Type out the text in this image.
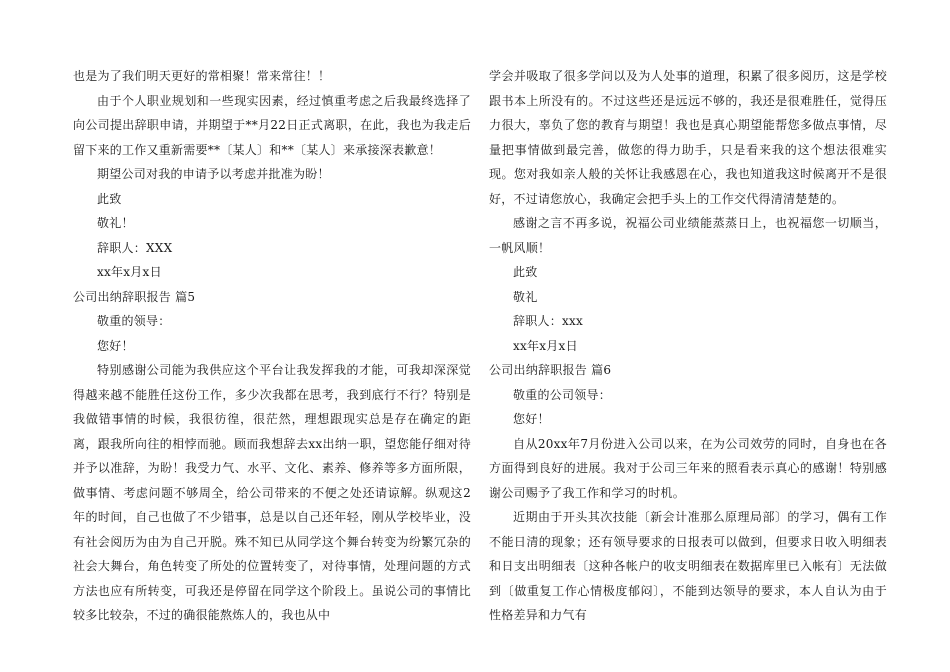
也是为了我们明天更好的常相聚！常来常往！！

由于个人职业规划和一些现实因素，经过慎重考虑之后我最终选择了向公司提出辞职申请，并期望于**月22日正式离职，在此，我也为我走后留下来的工作又重新需要**〔某人〕和**〔某人〕来承接深表歉意！

期望公司对我的申请予以考虑并批准为盼！

此致

敬礼！

辞职人：XXX

xx年x月x日

公司出纳辞职报告 篇5

敬重的领导：

您好！

特别感谢公司能为我供应这个平台让我发挥我的才能，可我却深深觉得越来越不能胜任这份工作，多少次我都在思考，我到底行不行？特别是我做错事情的时候，我很彷徨，很茫然，理想跟现实总是存在确定的距离，跟我所向往的相悖而驰。顾而我想辞去xx出纳一职，望您能仔细对待并予以准辞，为盼！我受力气、水平、文化、素养、修养等多方面所限，做事情、考虑问题不够周全，给公司带来的不便之处还请谅解。纵观这2年的时间，自己也做了不少错事，总是以自己还年轻，刚从学校毕业，没有社会阅历为由为自己开脱。殊不知已从同学这个舞台转变为纷繁冗杂的社会大舞台，角色转变了所处的位置转变了，对待事情，处理问题的方式方法也应有所转变，可我还是停留在同学这个阶段上。虽说公司的事情比较多比较杂，不过的确很能熬炼人的，我也从中

学会并吸取了很多学问以及为人处事的道理，积累了很多阅历，这是学校跟书本上所没有的。不过这些还是远远不够的，我还是很难胜任，觉得压力很大，辜负了您的教育与期望！我也是真心期望能帮您多做点事情，尽量把事情做到最完善，做您的得力助手，只是看来我的这个想法很难实现。您对我如亲人般的关怀让我感恩在心，我也知道我这时候离开不是很好，不过请您放心，我确定会把手头上的工作交代得清清楚楚的。

感谢之言不再多说，祝福公司业绩能蒸蒸日上，也祝福您一切顺当，一帆风顺！

此致

敬礼

辞职人：xxx

xx年x月x日

公司出纳辞职报告 篇6

敬重的公司领导：

您好！

自从20xx年7月份进入公司以来，在为公司效劳的同时，自身也在各方面得到良好的进展。我对于公司三年来的照看表示真心的感谢！特别感谢公司赐予了我工作和学习的时机。

近期由于开头其次技能〔新会计准那么原理局部〕的学习，偶有工作不能日清的现象；还有领导要求的日报表可以做到，但要求日收入明细表和日支出明细表〔这种各帐户的收支明细表在数据库里已入帐有〕无法做到〔做重复工作心情极度郁闷〕，不能到达领导的要求，本人自认为由于性格差异和力气有
